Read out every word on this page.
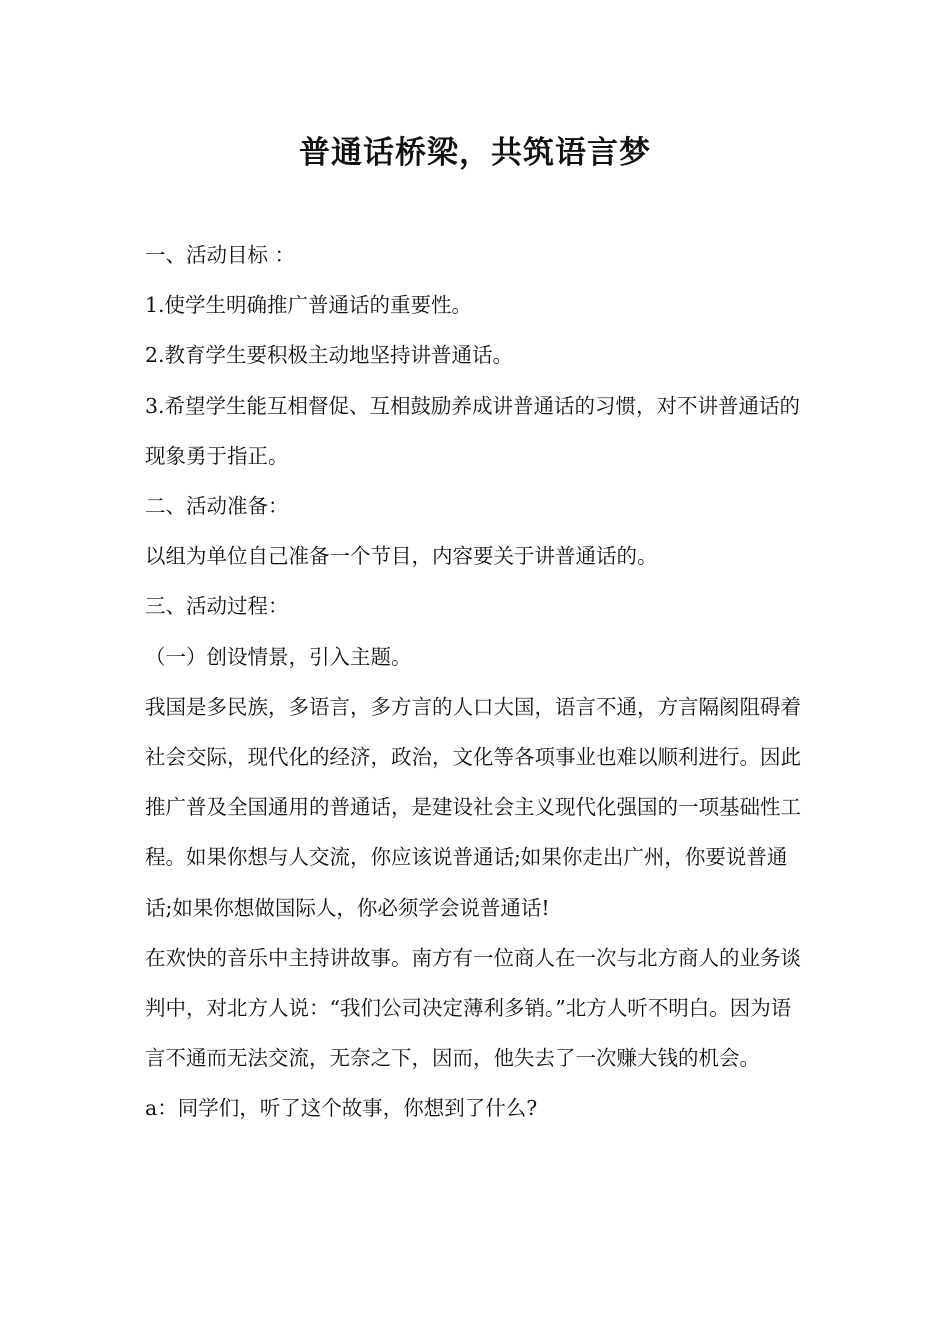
普通话桥梁，共筑语言梦

一、活动目标 ：

1.使学生明确推广普通话的重要性。

2.教育学生要积极主动地坚持讲普通话。

3.希望学生能互相督促、互相鼓励养成讲普通话的习惯，对不讲普通话的现象勇于指正。

二、活动准备：

以组为单位自己准备一个节目，内容要关于讲普通话的。

三、活动过程：

（一）创设情景，引入主题。

我国是多民族，多语言，多方言的人口大国，语言不通，方言隔阂阻碍着社会交际，现代化的经济，政治，文化等各项事业也难以顺利进行。因此推广普及全国通用的普通话，是建设社会主义现代化强国的一项基础性工程。如果你想与人交流，你应该说普通话;如果你走出广州，你要说普通话;如果你想做国际人，你必须学会说普通话!

在欢快的音乐中主持讲故事。南方有一位商人在一次与北方商人的业务谈判中，对北方人说：“我们公司决定薄利多销。”北方人听不明白。因为语言不通而无法交流，无奈之下，因而，他失去了一次赚大钱的机会。

a：同学们，听了这个故事，你想到了什么?
